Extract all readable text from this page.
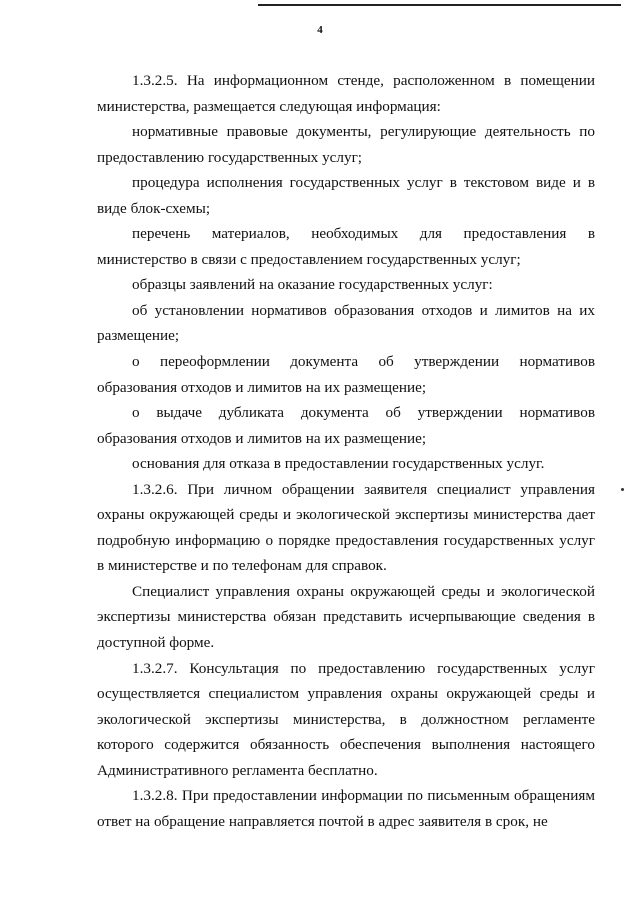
4

1.3.2.5. На информационном стенде, расположенном в помещении министерства, размещается следующая информация:

нормативные правовые документы, регулирующие деятельность по предоставлению государственных услуг;

процедура исполнения государственных услуг в текстовом виде и в виде блок-схемы;

перечень материалов, необходимых для предоставления в министерство в связи с предоставлением государственных услуг;

образцы заявлений на оказание государственных услуг:

об установлении нормативов образования отходов и лимитов на их размещение;

о переоформлении документа об утверждении нормативов образования отходов и лимитов на их размещение;

о выдаче дубликата документа об утверждении нормативов образования отходов и лимитов на их размещение;

основания для отказа в предоставлении государственных услуг.

1.3.2.6. При личном обращении заявителя специалист управления охраны окружающей среды и экологической экспертизы министерства дает подробную информацию о порядке предоставления государственных услуг в министерстве и по телефонам для справок.

Специалист управления охраны окружающей среды и экологической экспертизы министерства обязан представить исчерпывающие сведения в доступной форме.

1.3.2.7. Консультация по предоставлению государственных услуг осуществляется специалистом управления охраны окружающей среды и экологической экспертизы министерства, в должностном регламенте которого содержится обязанность обеспечения выполнения настоящего Административного регламента бесплатно.

1.3.2.8. При предоставлении информации по письменным обращениям ответ на обращение направляется почтой в адрес заявителя в срок, не
